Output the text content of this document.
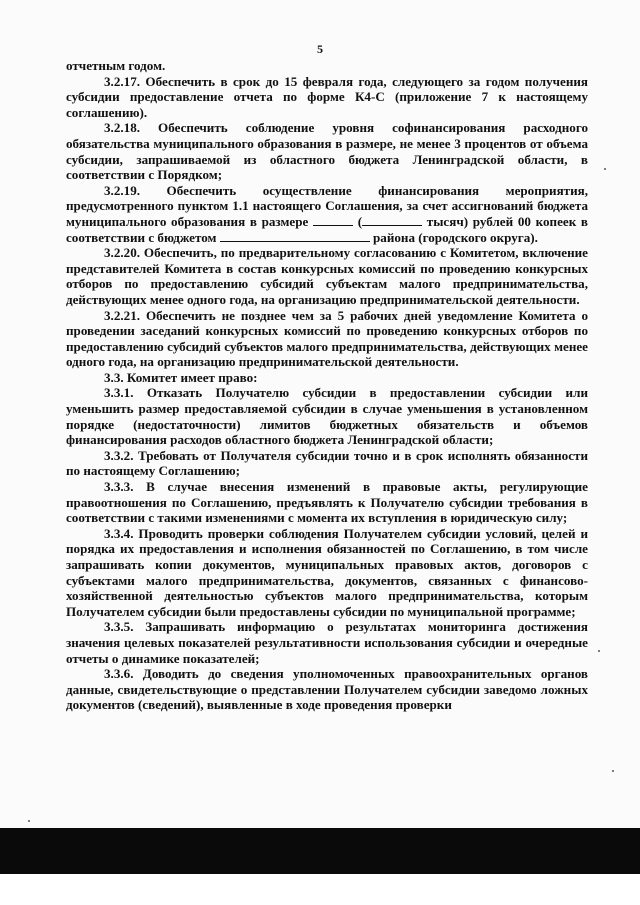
5

отчетным годом.

3.2.17. Обеспечить в срок до 15 февраля года, следующего за годом получения субсидии предоставление отчета по форме К4-С (приложение 7 к настоящему соглашению).

3.2.18. Обеспечить соблюдение уровня софинансирования расходного обязательства муниципального образования в размере, не менее 3 процентов от объема субсидии, запрашиваемой из областного бюджета Ленинградской области, в соответствии с Порядком;

3.2.19. Обеспечить осуществление финансирования мероприятия, предусмотренного пунктом 1.1 настоящего Соглашения, за счет ассигнований бюджета муниципального образования в размере	(	тысяч) рублей 00 копеек в соответствии с бюджетом	района (городского округа).

3.2.20. Обеспечить, по предварительному согласованию с Комитетом, включение представителей Комитета в состав конкурсных комиссий по проведению конкурсных отборов по предоставлению субсидий субъектам малого предпринимательства, действующих менее одного года, на организацию предпринимательской деятельности.

3.2.21. Обеспечить не позднее чем за 5 рабочих дней уведомление Комитета о проведении заседаний конкурсных комиссий по проведению конкурсных отборов по предоставлению субсидий субъектов малого предпринимательства, действующих менее одного года, на организацию предпринимательской деятельности.

3.3. Комитет имеет право:

3.3.1. Отказать Получателю субсидии в предоставлении субсидии или уменьшить размер предоставляемой субсидии в случае уменьшения в установленном порядке (недостаточности) лимитов бюджетных обязательств и объемов финансирования расходов областного бюджета Ленинградской области;

3.3.2. Требовать от Получателя субсидии точно и в срок исполнять обязанности по настоящему Соглашению;

3.3.3. В случае внесения изменений в правовые акты, регулирующие правоотношения по Соглашению, предъявлять к Получателю субсидии требования в соответствии с такими изменениями с момента их вступления в юридическую силу;

3.3.4. Проводить проверки соблюдения Получателем субсидии условий, целей и порядка их предоставления и исполнения обязанностей по Соглашению, в том числе запрашивать копии документов, муниципальных правовых актов, договоров с субъектами малого предпринимательства, документов, связанных с финансово-хозяйственной деятельностью субъектов малого предпринимательства, которым Получателем субсидии были предоставлены субсидии по муниципальной программе;

3.3.5. Запрашивать информацию о результатах мониторинга достижения значения целевых показателей результативности использования субсидии и очередные отчеты о динамике показателей;

3.3.6. Доводить до сведения уполномоченных правоохранительных органов данные, свидетельствующие о представлении Получателем субсидии заведомо ложных документов (сведений), выявленные в ходе проведения проверки
